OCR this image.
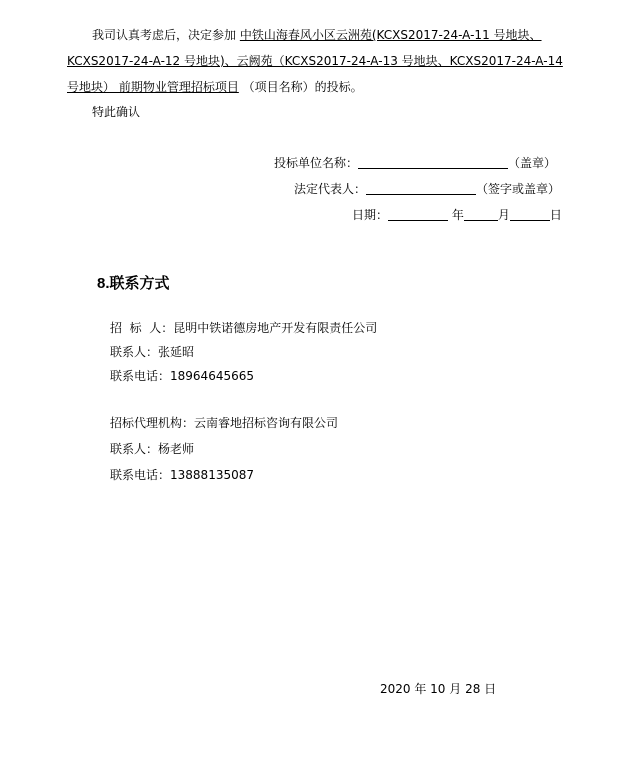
我司认真考虑后，决定参加 中铁山海春风小区云洲苑(KCXS2017-24-A-11 号地块、KCXS2017-24-A-12 号地块)、云阙苑（KCXS2017-24-A-13 号地块、KCXS2017-24-A-14 号地块） 前期物业管理招标项目 （项目名称）的投标。
特此确认
投标单位名称：	（盖章）
法定代表人：	（签字或盖章）
日期：	年	月	日
8.联系方式
招  标  人：昆明中铁诺德房地产开发有限责任公司
联系人：张延昭
联系电话：18964645665
招标代理机构：云南睿地招标咨询有限公司
联系人：杨老师
联系电话：13888135087
2020 年 10 月 28 日
